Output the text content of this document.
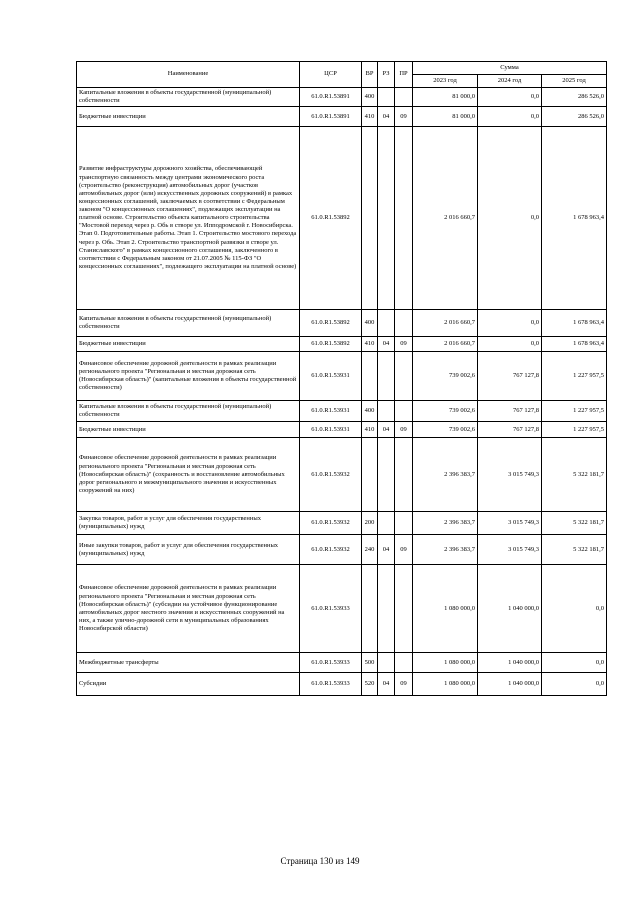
Наименование	ЦСР	ВР	РЗ	ПР	Сумма		
					2023 год	2024 год	2025 год
Капитальные вложения в объекты государственной (муниципальной) собственности	61.0.R1.53891	400			81 000,0	0,0	286 526,0
Бюджетные инвестиции	61.0.R1.53891	410	04	09	81 000,0	0,0	286 526,0
Развитие инфраструктуры дорожного хозяйства, обеспечивающей транспортную связанность между центрами экономического роста (строительство (реконструкция) автомобильных дорог (участков автомобильных дорог (или) искусственных дорожных сооружений) в рамках концессионных соглашений, заключаемых в соответствии с Федеральным законом "О концессионных соглашениях", подлежащих эксплуатации на платной основе. Строительство объекта капитального строительства "Мостовой переход через р. Обь в створе ул. Ипподромской г. Новосибирска. Этап 0. Подготовительные работы. Этап 1. Строительство мостового перехода через р. Обь. Этап 2. Строительство транспортной развязки в створе ул. Станиславского" в рамках концессионного соглашения, заключенного в соответствии с Федеральным законом от 21.07.2005 № 115-ФЗ "О концессионных соглашениях", подлежащего эксплуатации на платной основе)	61.0.R1.53892				2 016 660,7	0,0	1 678 963,4
Капитальные вложения в объекты государственной (муниципальной) собственности	61.0.R1.53892	400			2 016 660,7	0,0	1 678 963,4
Бюджетные инвестиции	61.0.R1.53892	410	04	09	2 016 660,7	0,0	1 678 963,4
Финансовое обеспечение дорожной деятельности в рамках реализации регионального проекта "Региональная и местная дорожная сеть (Новосибирская область)" (капитальные вложения в объекты государственной собственности)	61.0.R1.53931				739 002,6	767 127,8	1 227 957,5
Капитальные вложения в объекты государственной (муниципальной) собственности	61.0.R1.53931	400			739 002,6	767 127,8	1 227 957,5
Бюджетные инвестиции	61.0.R1.53931	410	04	09	739 002,6	767 127,8	1 227 957,5
Финансовое обеспечение дорожной деятельности в рамках реализации регионального проекта "Региональная и местная дорожная сеть (Новосибирская область)" (сохранность и восстановление автомобильных дорог регионального и межмуниципального значения и искусственных сооружений на них)	61.0.R1.53932				2 396 383,7	3 015 749,3	5 322 181,7
Закупка товаров, работ и услуг для обеспечения государственных (муниципальных) нужд	61.0.R1.53932	200			2 396 383,7	3 015 749,3	5 322 181,7
Иные закупки товаров, работ и услуг для обеспечения государственных (муниципальных) нужд	61.0.R1.53932	240	04	09	2 396 383,7	3 015 749,3	5 322 181,7
Финансовое обеспечение дорожной деятельности в рамках реализации регионального проекта "Региональная и местная дорожная сеть (Новосибирская область)" (субсидии на устойчивое функционирование автомобильных дорог местного значения и искусственных сооружений на них, а также улично-дорожной сети в муниципальных образованиях Новосибирской области)	61.0.R1.53933				1 080 000,0	1 040 000,0	0,0
Межбюджетные трансферты	61.0.R1.53933	500			1 080 000,0	1 040 000,0	0,0
Субсидии	61.0.R1.53933	520	04	09	1 080 000,0	1 040 000,0	0,0
Страница 130 из 149
